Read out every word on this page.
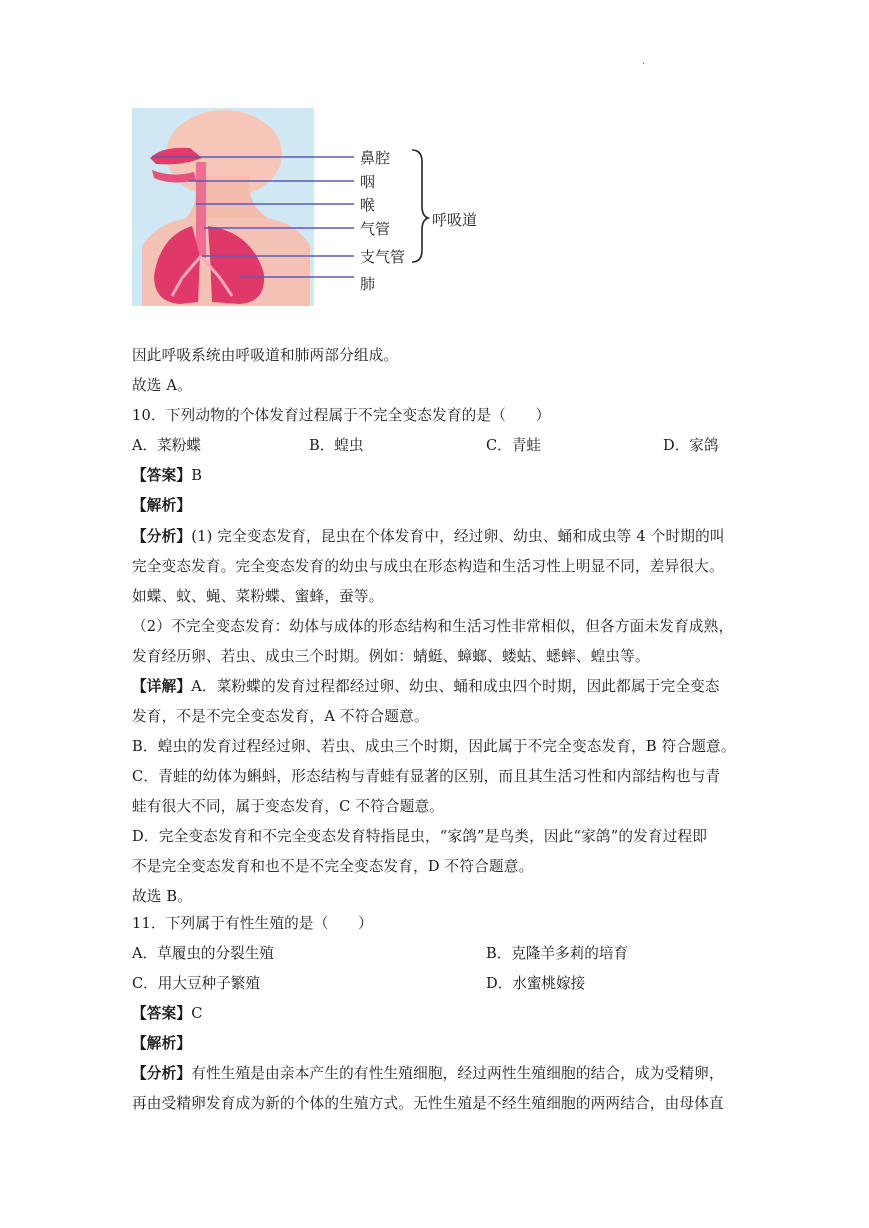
.
鼻腔
咽
喉
气管
支气管
肺
呼吸道
因此呼吸系统由呼吸道和肺两部分组成。
故选 A。
10．下列动物的个体发育过程属于不完全变态发育的是（　　）
A．菜粉蝶	B．蝗虫	C．青蛙	D．家鸽
【答案】B
【解析】
【分析】(1) 完全变态发育，昆虫在个体发育中，经过卵、幼虫、蛹和成虫等 4 个时期的叫
完全变态发育。完全变态发育的幼虫与成虫在形态构造和生活习性上明显不同，差异很大。
如蝶、蚊、蝇、菜粉蝶、蜜蜂，蚕等。
（2）不完全变态发育：幼体与成体的形态结构和生活习性非常相似，但各方面未发育成熟，
发育经历卵、若虫、成虫三个时期。例如：蜻蜓、蟑螂、蝼蛄、蟋蟀、蝗虫等。
【详解】A．菜粉蝶的发育过程都经过卵、幼虫、蛹和成虫四个时期，因此都属于完全变态
发育，不是不完全变态发育，A 不符合题意。
B．蝗虫的发育过程经过卵、若虫、成虫三个时期，因此属于不完全变态发育，B 符合题意。
C．青蛙的幼体为蝌蚪，形态结构与青蛙有显著的区别，而且其生活习性和内部结构也与青
蛙有很大不同，属于变态发育，C 不符合题意。
D．完全变态发育和不完全变态发育特指昆虫，“家鸽”是鸟类，因此“家鸽”的发育过程即
不是完全变态发育和也不是不完全变态发育，D 不符合题意。
故选 B。
11．下列属于有性生殖的是（　　）
A．草履虫的分裂生殖	B．克隆羊多莉的培育
C．用大豆种子繁殖	D．水蜜桃嫁接
【答案】C
【解析】
【分析】有性生殖是由亲本产生的有性生殖细胞，经过两性生殖细胞的结合，成为受精卵，
再由受精卵发育成为新的个体的生殖方式。无性生殖是不经生殖细胞的两两结合，由母体直
